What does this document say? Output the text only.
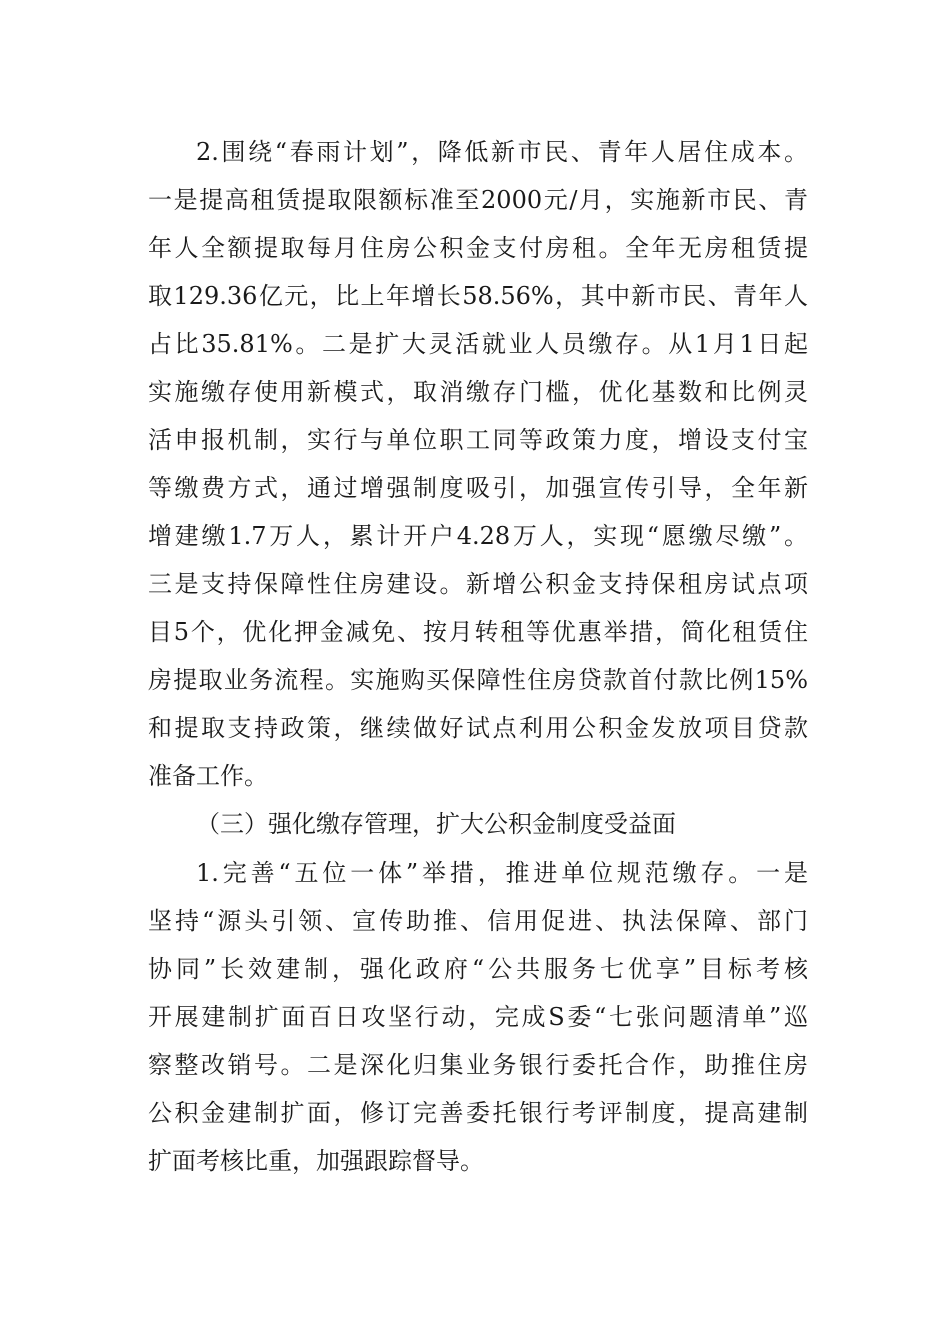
2.围绕“春雨计划”，降低新市民、青年人居住成本。
一是提高租赁提取限额标准至2000元/月，实施新市民、青
年人全额提取每月住房公积金支付房租。全年无房租赁提
取129.36亿元，比上年增长58.56%，其中新市民、青年人
占比35.81%。二是扩大灵活就业人员缴存。从1月1日起
实施缴存使用新模式，取消缴存门槛，优化基数和比例灵
活申报机制，实行与单位职工同等政策力度，增设支付宝
等缴费方式，通过增强制度吸引，加强宣传引导，全年新
增建缴1.7万人，累计开户4.28万人，实现“愿缴尽缴”。
三是支持保障性住房建设。新增公积金支持保租房试点项
目5个，优化押金减免、按月转租等优惠举措，简化租赁住
房提取业务流程。实施购买保障性住房贷款首付款比例15%
和提取支持政策，继续做好试点利用公积金发放项目贷款
准备工作。
（三）强化缴存管理，扩大公积金制度受益面
1.完善“五位一体”举措，推进单位规范缴存。一是
坚持“源头引领、宣传助推、信用促进、执法保障、部门
协同”长效建制，强化政府“公共服务七优享”目标考核
开展建制扩面百日攻坚行动，完成S委“七张问题清单”巡
察整改销号。二是深化归集业务银行委托合作，助推住房
公积金建制扩面，修订完善委托银行考评制度，提高建制
扩面考核比重，加强跟踪督导。
